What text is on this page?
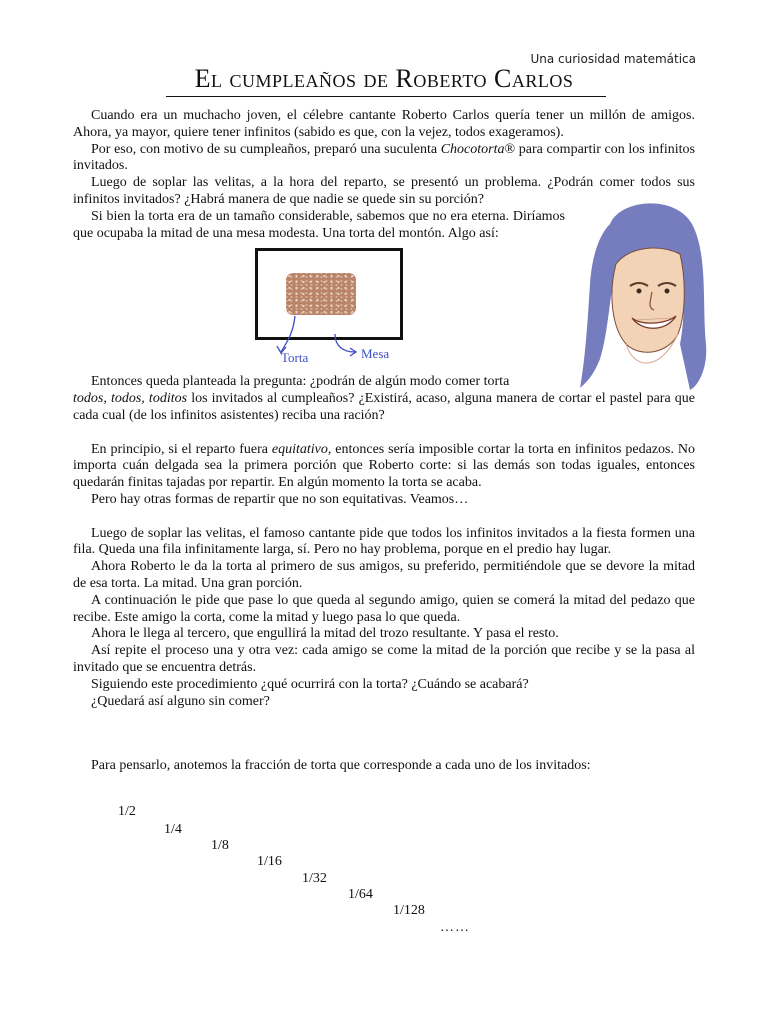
Una curiosidad matemática
El cumpleaños de Roberto Carlos

Cuando era un muchacho joven, el célebre cantante Roberto Carlos quería tener un millón de amigos. Ahora, ya mayor, quiere tener infinitos (sabido es que, con la vejez, todos exageramos).

Por eso, con motivo de su cumpleaños, preparó una suculenta Chocotorta® para compartir con los infinitos invitados.

Luego de soplar las velitas, a la hora del reparto, se presentó un problema. ¿Podrán comer todos sus infinitos invitados? ¿Habrá manera de que nadie se quede sin su porción?

Si bien la torta era de un tamaño considerable, sabemos que no era eterna. Diríamos que ocupaba la mitad de una mesa modesta. Una torta del montón. Algo así:

Torta	Mesa

Entonces queda planteada la pregunta: ¿podrán de algún modo comer torta

todos, todos, toditos los invitados al cumpleaños? ¿Existirá, acaso, alguna manera de cortar el pastel para que cada cual (de los infinitos asistentes) reciba una ración?

En principio, si el reparto fuera equitativo, entonces sería imposible cortar la torta en infinitos pedazos. No importa cuán delgada sea la primera porción que Roberto corte: si las demás son todas iguales, entonces quedarán finitas tajadas por repartir. En algún momento la torta se acaba.

Pero hay otras formas de repartir que no son equitativas. Veamos…

Luego de soplar las velitas, el famoso cantante pide que todos los infinitos invitados a la fiesta formen una fila. Queda una fila infinitamente larga, sí. Pero no hay problema, porque en el predio hay lugar.

Ahora Roberto le da la torta al primero de sus amigos, su preferido, permitiéndole que se devore la mitad de esa torta. La mitad. Una gran porción.

A continuación le pide que pase lo que queda al segundo amigo, quien se comerá la mitad del pedazo que recibe. Este amigo la corta, come la mitad y luego pasa lo que queda.

Ahora le llega al tercero, que engullirá la mitad del trozo resultante. Y pasa el resto.

Así repite el proceso una y otra vez: cada amigo se come la mitad de la porción que recibe y se la pasa al invitado que se encuentra detrás.

Siguiendo este procedimiento ¿qué ocurrirá con la torta? ¿Cuándo se acabará?

¿Quedará así alguno sin comer?

Para pensarlo, anotemos la fracción de torta que corresponde a cada uno de los invitados:

1/2
1/4
1/8
1/16
1/32
1/64
1/128
……
